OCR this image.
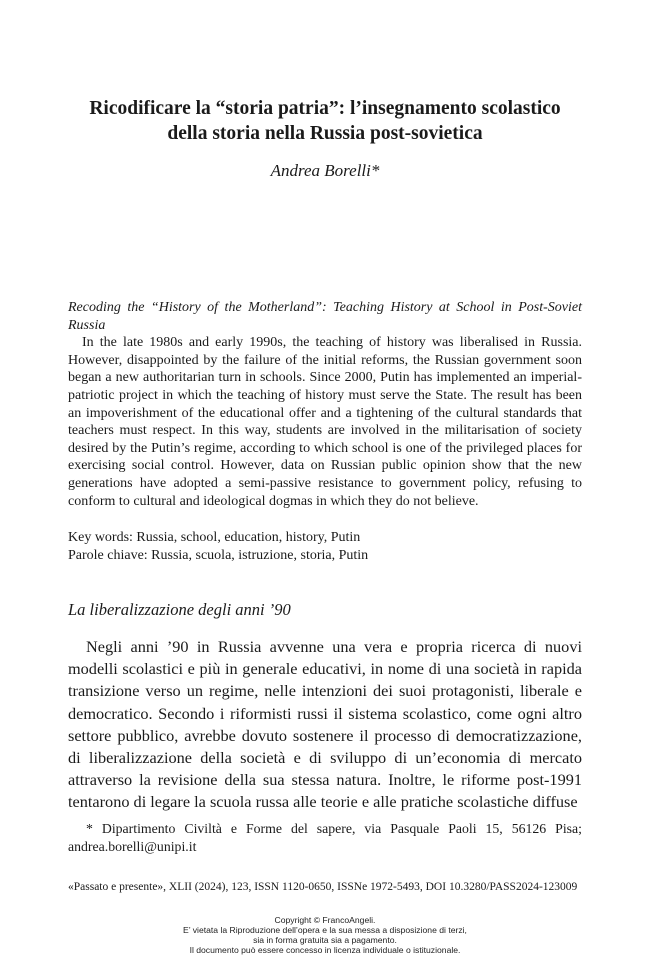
Ricodificare la “storia patria”: l’insegnamento scolastico
della storia nella Russia post-sovietica
Andrea Borelli*

Recoding the “History of the Motherland”: Teaching History at School in Post-Soviet Russia

In the late 1980s and early 1990s, the teaching of history was liberalised in Russia. However, disappointed by the failure of the initial reforms, the Russian government soon began a new authoritarian turn in schools. Since 2000, Putin has implemented an imperial-patriotic project in which the teaching of history must serve the State. The result has been an impoverishment of the educational offer and a tightening of the cultural standards that teachers must respect. In this way, students are involved in the militarisation of society desired by the Putin’s regime, according to which school is one of the privileged places for exercising social control. However, data on Russian public opinion show that the new generations have adopted a semi-passive resistance to government policy, refusing to conform to cultural and ideological dogmas in which they do not believe.

Key words: Russia, school, education, history, Putin
Parole chiave: Russia, scuola, istruzione, storia, Putin
La liberalizzazione degli anni ’90

Negli anni ’90 in Russia avvenne una vera e propria ricerca di nuovi modelli scolastici e più in generale educativi, in nome di una società in rapida transizione verso un regime, nelle intenzioni dei suoi protagonisti, liberale e democratico. Secondo i riformisti russi il sistema scolastico, come ogni altro settore pubblico, avrebbe dovuto sostenere il processo di democratizzazione, di liberalizzazione della società e di sviluppo di un’economia di mercato attraverso la revisione della sua stessa natura. Inoltre, le riforme post-1991 tentarono di legare la scuola russa alle teorie e alle pratiche scolastiche diffuse

* Dipartimento Civiltà e Forme del sapere, via Pasquale Paoli 15, 56126 Pisa; andrea.borelli@unipi.it

«Passato e presente», XLII (2024), 123, ISSN 1120-0650, ISSNe 1972-5493, DOI 10.3280/PASS2024-123009
Copyright © FrancoAngeli.
E’ vietata la Riproduzione dell’opera e la sua messa a disposizione di terzi,
sia in forma gratuita sia a pagamento.
Il documento può essere concesso in licenza individuale o istituzionale.
